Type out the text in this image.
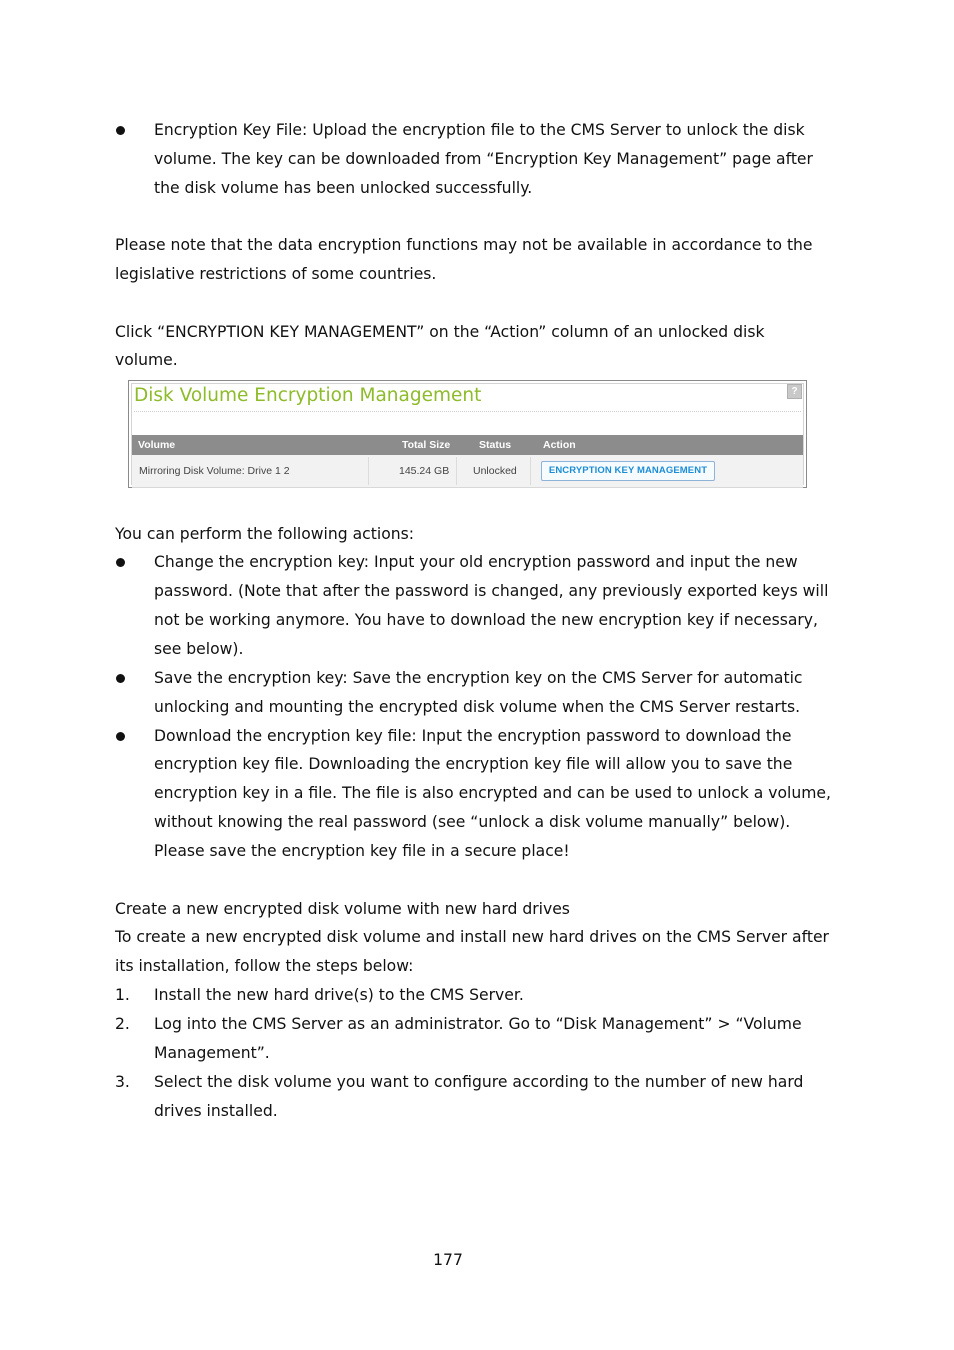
Encryption Key File: Upload the encryption file to the CMS Server to unlock the disk
volume. The key can be downloaded from “Encryption Key Management” page after
the disk volume has been unlocked successfully.
Please note that the data encryption functions may not be available in accordance to the
legislative restrictions of some countries.
Click “ENCRYPTION KEY MANAGEMENT” on the “Action” column of an unlocked disk
volume.
Disk Volume Encryption Management	?
Volume	Total Size	Status	Action
Mirroring Disk Volume: Drive 1 2	145.24 GB Unlocked	ENCRYPTION KEY MANAGEMENT
You can perform the following actions:
Change the encryption key: Input your old encryption password and input the new
password. (Note that after the password is changed, any previously exported keys will
not be working anymore. You have to download the new encryption key if necessary,
see below).
Save the encryption key: Save the encryption key on the CMS Server for automatic
unlocking and mounting the encrypted disk volume when the CMS Server restarts.
Download the encryption key file: Input the encryption password to download the
encryption key file. Downloading the encryption key file will allow you to save the
encryption key in a file. The file is also encrypted and can be used to unlock a volume,
without knowing the real password (see “unlock a disk volume manually” below).
Please save the encryption key file in a secure place!
Create a new encrypted disk volume with new hard drives
To create a new encrypted disk volume and install new hard drives on the CMS Server after
its installation, follow the steps below:
1. Install the new hard drive(s) to the CMS Server.
2. Log into the CMS Server as an administrator. Go to “Disk Management” > “Volume
Management”.
3. Select the disk volume you want to configure according to the number of new hard
drives installed.
177
